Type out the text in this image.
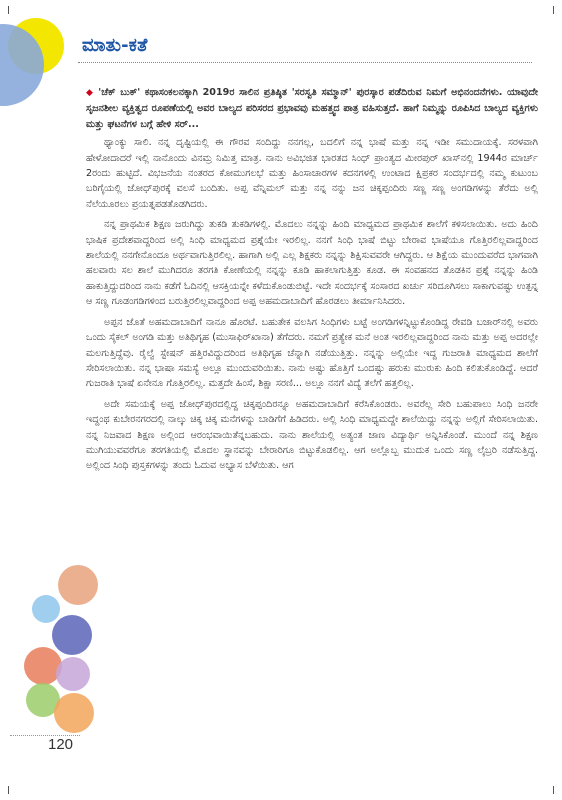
ಮಾತು-ಕತೆ

◆ 'ಚೆಕ್ ಬುಕ್' ಕಥಾಸಂಕಲನಕ್ಕಾಗಿ 2019ರ ಸಾಲಿನ ಪ್ರತಿಷ್ಠಿತ 'ಸರಸ್ವತಿ ಸಮ್ಮಾನ್' ಪುರಸ್ಕಾರ ಪಡೆದಿರುವ ನಿಮಗೆ ಅಭಿನಂದನೆಗಳು. ಯಾವುದೇ ಸೃಜನಶೀಲ ವ್ಯಕ್ತಿತ್ವದ ರೂಪಣೆಯಲ್ಲಿ ಅವರ ಬಾಲ್ಯದ ಪರಿಸರದ ಪ್ರಭಾವವು ಮಹತ್ತ್ವದ ಪಾತ್ರ ವಹಿಸುತ್ತದೆ. ಹಾಗೆ ನಿಮ್ಮನ್ನು ರೂಪಿಸಿದ ಬಾಲ್ಯದ ವ್ಯಕ್ತಿಗಳು ಮತ್ತು ಘಟನೆಗಳ ಬಗ್ಗೆ ಹೇಳಿ ಸರ್...

ಥ್ಯಾಂಕ್ಯು ಸಾಲಿ. ನನ್ನ ದೃಷ್ಟಿಯಲ್ಲಿ ಈ ಗೌರವ ಸಂದಿದ್ದು ನನಗಲ್ಲ, ಬದಲಿಗೆ ನನ್ನ ಭಾಷೆ ಮತ್ತು ನನ್ನ ಇಡೀ ಸಮುದಾಯಕ್ಕೆ. ಸರಳವಾಗಿ ಹೇಳೋದಾದರೆ ಇಲ್ಲಿ ನಾನೊಂದು ವಿನಮ್ರ ನಿಮಿತ್ತ ಮಾತ್ರ. ನಾನು ಅವಿಭಜಿತ ಭಾರತದ ಸಿಂಧ್ ಪ್ರಾಂತ್ಯದ ಮೀರಪುರ್ ಖಾಸ್‌ನಲ್ಲಿ 1944ರ ಮಾರ್ಚ್ 2ರಂದು ಹುಟ್ಟಿದೆ. ವಿಭಜನೆಯ ನಂತರದ ಕೋಮುಗಲಭೆ ಮತ್ತು ಹಿಂಸಾಚಾರಗಳ ಕದನಗಳಲ್ಲಿ ಉಂಟಾದ ಕ್ಷಿಪ್ರಕರ ಸಂದರ್ಭದಲ್ಲಿ ನಮ್ಮ ಕುಟುಂಬ ಬರಿಗೈಯಲ್ಲಿ ಜೋಧ್‌ಪುರಕ್ಕೆ ವಲಸೆ ಬಂದಿತು. ಅಪ್ಪ ವೆನ್ನಿಮಲ್ ಮತ್ತು ನನ್ನ ನನ್ನು ಜನ ಚಿಕ್ಕಪ್ಪಂದಿರು ಸಣ್ಣ ಸಣ್ಣ ಅಂಗಡಿಗಳನ್ನು ತೆರೆದು ಅಲ್ಲಿ ನೆಲೆಯೂರಲು ಪ್ರಯತ್ನಪಡತೊಡಗಿದರು.

ನನ್ನ ಪ್ರಾಥಮಿಕ ಶಿಕ್ಷಣ ಜರುಗಿದ್ದು ತುಕಡಿ ತುಕಡಿಗಳಲ್ಲಿ. ಮೊದಲು ನನ್ನನ್ನು ಹಿಂದಿ ಮಾಧ್ಯಮದ ಪ್ರಾಥಮಿಕ ಶಾಲೆಗೆ ಕಳಿಸಲಾಯಿತು. ಅದು ಹಿಂದಿ ಭಾಷಿಕ ಪ್ರದೇಶವಾದ್ದರಿಂದ ಅಲ್ಲಿ ಸಿಂಧಿ ಮಾಧ್ಯಮದ ಪ್ರಶ್ನೆಯೇ ಇರಲಿಲ್ಲ. ನನಗೆ ಸಿಂಧಿ ಭಾಷೆ ಬಿಟ್ಟು ಬೇರಾವ ಭಾಷೆಯೂ ಗೊತ್ತಿರಲಿಲ್ಲವಾದ್ದರಿಂದ ಶಾಲೆಯಲ್ಲಿ ನನಗೇನೊಂದೂ ಅರ್ಥವಾಗುತ್ತಿರಲಿಲ್ಲ. ಹಾಗಾಗಿ ಅಲ್ಲಿ ಎಲ್ಲ ಶಿಕ್ಷಕರು ನನ್ನನ್ನು ಶಿಕ್ಷಿಸುವವರೇ ಆಗಿದ್ದರು. ಆ ಶಿಕ್ಷೆಯ ಮುಂದುವರೆದ ಭಾಗವಾಗಿ ಹಲವಾರು ಸಲ ಶಾಲೆ ಮುಗಿದರೂ ತರಗತಿ ಕೋಣೆಯಲ್ಲಿ ನನ್ನನ್ನು ಕೂಡಿ ಹಾಕಲಾಗುತ್ತಿತ್ತು ಕೂಡ. ಈ ಸಂವಹನದ ತೊಡಕಿನ ಪ್ರಶ್ನೆ ನನ್ನನ್ನು ಹಿಂಡಿ ಹಾಕುತ್ತಿದ್ದುದರಿಂದ ನಾನು ಕಡೆಗೆ ಓದಿನಲ್ಲಿ ಆಸಕ್ತಿಯನ್ನೇ ಕಳೆದುಕೊಂಡುಬಿಟ್ಟೆ. ಇದೇ ಸಂದರ್ಭಕ್ಕೆ ಸಂಸಾರದ ಖರ್ಚು ಸರಿದೂಗಿಸಲು ಸಾಕಾಗುವಷ್ಟು ಉತ್ಪನ್ನ ಆ ಸಣ್ಣ ಗೂಡಂಗಡಿಗಳಿಂದ ಬರುತ್ತಿರಲಿಲ್ಲವಾದ್ದರಿಂದ ಅಪ್ಪ ಅಹಮದಾಬಾದಿಗೆ ಹೊರಡಲು ತೀರ್ಮಾನಿಸಿದರು.

ಅಪ್ಪನ ಜೊತೆ ಅಹಮದಾಬಾದಿಗೆ ನಾನೂ ಹೊರಟೆ. ಬಹುತೇಕ ವಲಸಿಗ ಸಿಂಧಿಗಳು ಬಟ್ಟೆ ಅಂಗಡಿಗಳನ್ನಿಟ್ಟುಕೊಂಡಿದ್ದ ರೇವಡಿ ಬಜಾರ್‌ನಲ್ಲಿ ಅವರು ಒಂದು ಸೈಕಲ್ ಅಂಗಡಿ ಮತ್ತು ಅತಿಥಿಗೃಹ (ಮುಸಾಫಿರ್‌ಖಾನಾ) ತೆಗೆದರು. ನಮಗೆ ಪ್ರತ್ಯೇಕ ಮನೆ ಅಂತ ಇರಲಿಲ್ಲವಾದ್ದರಿಂದ ನಾನು ಮತ್ತು ಅಪ್ಪ ಅದರಲ್ಲೇ ಮಲಗುತ್ತಿದ್ದೆವು. ರೈಲ್ವೆ ಸ್ಟೇಷನ್ ಹತ್ತಿರವಿದ್ದುದರಿಂದ ಅತಿಥಿಗೃಹ ಚೆನ್ನಾಗಿ ನಡೆಯುತ್ತಿತ್ತು. ನನ್ನನ್ನು ಅಲ್ಲಿಯೇ ಇದ್ದ ಗುಜರಾತಿ ಮಾಧ್ಯಮದ ಶಾಲೆಗೆ ಸೇರಿಸಲಾಯಿತು. ನನ್ನ ಭಾಷಾ ಸಮಸ್ಯೆ ಅಲ್ಲೂ ಮುಂದುವರಿಯಿತು. ನಾನು ಅಷ್ಟು ಹೊತ್ತಿಗೆ ಒಂದಷ್ಟು ಹರುಕು ಮುರುಕು ಹಿಂದಿ ಕಲಿತುಕೊಂಡಿದ್ದೆ. ಆದರೆ ಗುಜರಾತಿ ಭಾಷೆ ಏನೇನೂ ಗೊತ್ತಿರಲಿಲ್ಲ. ಮತ್ತದೇ ಹಿಂಸೆ, ಶಿಕ್ಷಾ ಸರಣಿ... ಅಲ್ಲೂ ನನಗೆ ವಿದ್ಯೆ ತಲೆಗೆ ಹತ್ತಲಿಲ್ಲ.

ಅದೇ ಸಮಯಕ್ಕೆ ಅಪ್ಪ ಜೋಧ್‌ಪುರದಲ್ಲಿದ್ದ ಚಿಕ್ಕಪ್ಪಂದಿರನ್ನೂ ಅಹಮದಾಬಾದಿಗೆ ಕರೆಸಿಕೊಂಡರು. ಅವರೆಲ್ಲ ಸೇರಿ ಬಹುಪಾಲು ಸಿಂಧಿ ಜನರೇ ಇದ್ದಂಥ ಕುಬೇರನಗರದಲ್ಲಿ ನಾಲ್ಕು ಚಿಕ್ಕ ಚಿಕ್ಕ ಮನೆಗಳನ್ನು ಬಾಡಿಗೆಗೆ ಹಿಡಿದರು. ಅಲ್ಲಿ ಸಿಂಧಿ ಮಾಧ್ಯಮದ್ದೇ ಶಾಲೆಯಿದ್ದು ನನ್ನನ್ನು ಅಲ್ಲಿಗೆ ಸೇರಿಸಲಾಯಿತು. ನನ್ನ ನಿಜವಾದ ಶಿಕ್ಷಣ ಅಲ್ಲಿಂದ ಆರಂಭವಾಯಿತೆನ್ನಬಹುದು. ನಾನು ಶಾಲೆಯಲ್ಲಿ ಅತ್ಯಂತ ಜಾಣ ವಿದ್ಯಾರ್ಥಿ ಅನ್ನಿಸಿಕೊಂಡೆ. ಮುಂದೆ ನನ್ನ ಶಿಕ್ಷಣ ಮುಗಿಯುವವರೆಗೂ ತರಗತಿಯಲ್ಲಿ ಮೊದಲ ಸ್ಥಾನವನ್ನು ಬೇರಾರಿಗೂ ಬಿಟ್ಟುಕೊಡಲಿಲ್ಲ. ಆಗ ಅಲ್ಲೊಬ್ಬ ಮುದುಕ ಒಂದು ಸಣ್ಣ ಲೈಬ್ರರಿ ನಡೆಸುತ್ತಿದ್ದ. ಅಲ್ಲಿಂದ ಸಿಂಧಿ ಪುಸ್ತಕಗಳನ್ನು ತಂದು ಓದುವ ಅಭ್ಯಾಸ ಬೆಳೆಯಿತು. ಆಗ

120
